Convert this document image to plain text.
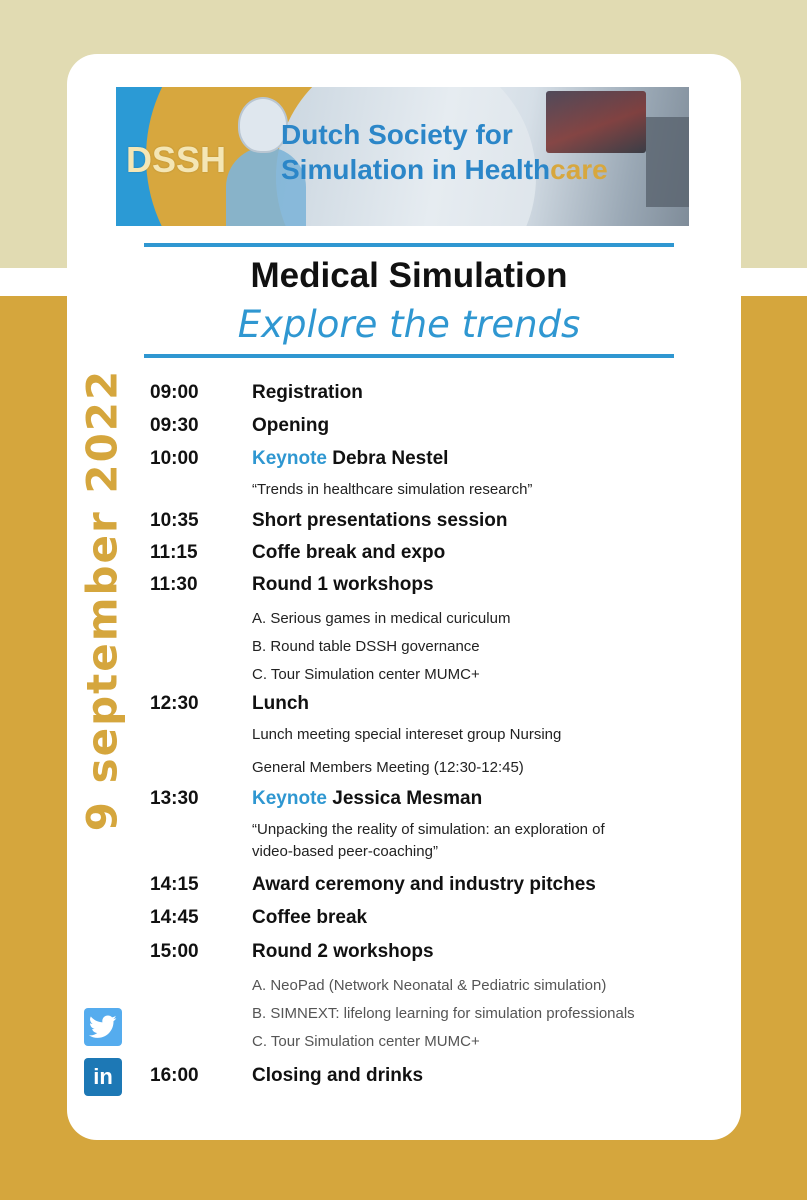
DSSH
Dutch Society for
Simulation in Healthcare
Medical Simulation
Explore the trends
9 september 2022 09:00	Registration
09:30	Opening
10:00	Keynote Debra Nestel
“Trends in healthcare simulation research”
10:35	Short presentations session
11:15	Coffe break and expo
11:30	Round 1 workshops
A. Serious games in medical curiculum
B. Round table DSSH governance
C. Tour Simulation center MUMC+
12:30	Lunch
Lunch meeting special intereset group Nursing
General Members Meeting (12:30-12:45)
13:30	Keynote Jessica Mesman
“Unpacking the reality of simulation: an exploration of
video-based peer-coaching”
14:15	Award ceremony and industry pitches
14:45	Coffee break
15:00	Round 2 workshops
A. NeoPad (Network Neonatal & Pediatric simulation)
B. SIMNEXT: lifelong learning for simulation professionals
C. Tour Simulation center MUMC+
16:00	Closing and drinks
in
